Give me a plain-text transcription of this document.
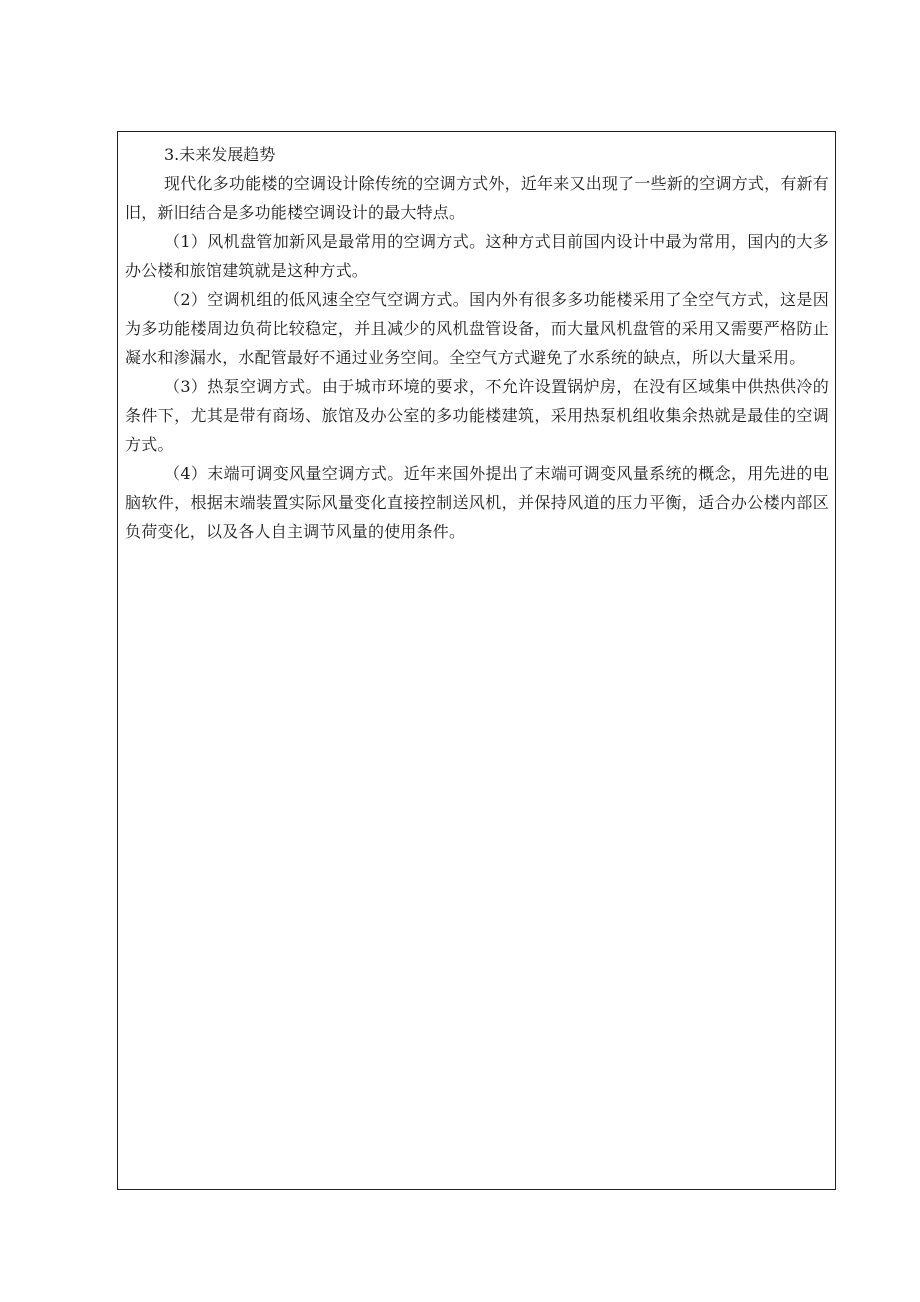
3.未来发展趋势

现代化多功能楼的空调设计除传统的空调方式外，近年来又出现了一些新的空调方式，有新有旧，新旧结合是多功能楼空调设计的最大特点。

（1）风机盘管加新风是最常用的空调方式。这种方式目前国内设计中最为常用，国内的大多办公楼和旅馆建筑就是这种方式。

（2）空调机组的低风速全空气空调方式。国内外有很多多功能楼采用了全空气方式，这是因为多功能楼周边负荷比较稳定，并且减少的风机盘管设备，而大量风机盘管的采用又需要严格防止凝水和渗漏水，水配管最好不通过业务空间。全空气方式避免了水系统的缺点，所以大量采用。

（3）热泵空调方式。由于城市环境的要求，不允许设置锅炉房，在没有区域集中供热供冷的条件下，尤其是带有商场、旅馆及办公室的多功能楼建筑，采用热泵机组收集余热就是最佳的空调方式。

（4）末端可调变风量空调方式。近年来国外提出了末端可调变风量系统的概念，用先进的电脑软件，根据末端装置实际风量变化直接控制送风机，并保持风道的压力平衡，适合办公楼内部区负荷变化，以及各人自主调节风量的使用条件。
